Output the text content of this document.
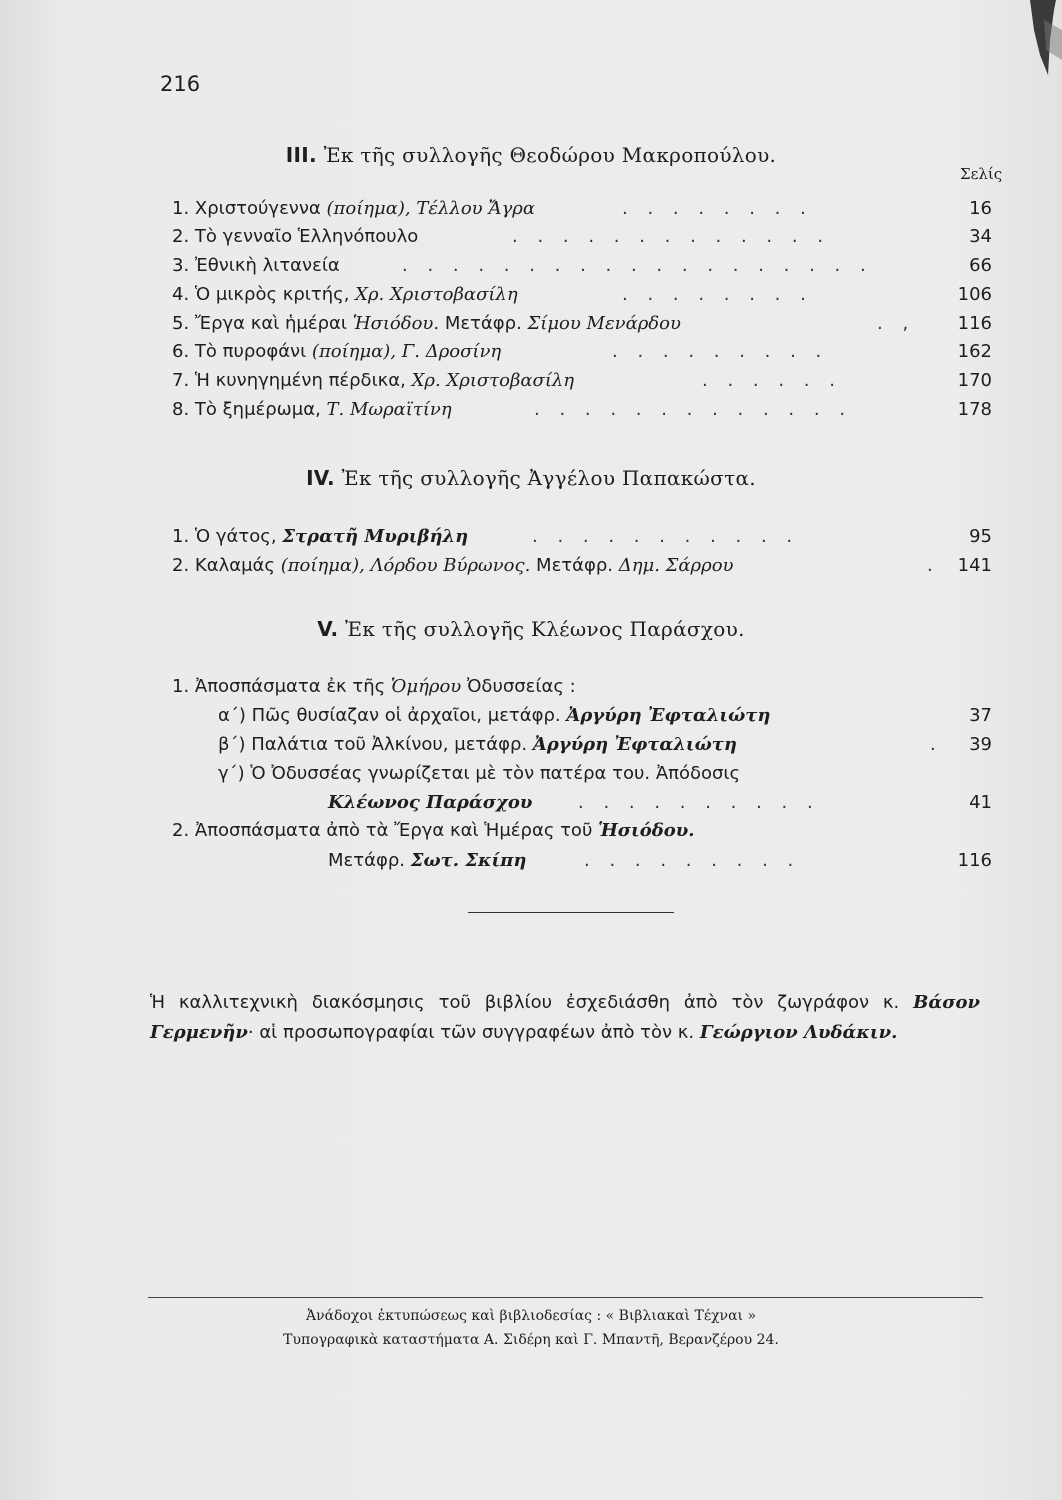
216
III. Ἐκ τῆς συλλογῆς Θεοδώρου Μακροπούλου.
Σελίς
1. Χριστούγεννα (ποίημα), Τέλλου Ἄγρα	. . . . . . . .	16
2. Τὸ γενναῖο Ἑλληνόπουλο	. . . . . . . . . . . . .	34
3. Ἐθνικὴ λιτανεία	. . . . . . . . . . . . . . . . . . .	66
4. Ὁ μικρὸς κριτής, Χρ. Χριστοβασίλη	. . . . . . . .	106
5. Ἔργα καὶ ἡμέραι Ἡσιόδου. Μετάφρ. Σίμου Μενάρδου	. , 116
6. Τὸ πυροφάνι (ποίημα), Γ. Δροσίνη	. . . . . . . . .	162
7. Ἡ κυνηγημένη πέρδικα, Χρ. Χριστοβασίλη	. . . . . .	170
8. Τὸ ξημέρωμα, Τ. Μωραϊτίνη	. . . . . . . . . . . . .	178
IV. Ἐκ τῆς συλλογῆς Ἀγγέλου Παπακώστα.
1. Ὁ γάτος, Στρατῆ Μυριβήλη	. . . . . . . . . . .	95
2. Καλαμάς (ποίημα), Λόρδου Βύρωνος. Μετάφρ. Δημ. Σάρρου	. 141
V. Ἐκ τῆς συλλογῆς Κλέωνος Παράσχου.
1. Ἀποσπάσματα ἐκ τῆς Ὁμήρου Ὀδυσσείας :
α΄) Πῶς θυσίαζαν οἱ ἀρχαῖοι, μετάφρ. Ἀργύρη Ἐφταλιώτη	37
β΄) Παλάτια τοῦ Ἀλκίνου, μετάφρ. Ἀργύρη Ἐφταλιώτη	. 39
γ΄) Ὁ Ὀδυσσέας γνωρίζεται μὲ τὸν πατέρα του. Ἀπόδοσις
Κλέωνος Παράσχου	. . . . . . . . . .	41
2. Ἀποσπάσματα ἀπὸ τὰ Ἔργα καὶ Ἡμέρας τοῦ Ἡσιόδου.
Μετάφρ. Σωτ. Σκίπη	. . . . . . . . .	116
Ἡ καλλιτεχνικὴ διακόσμησις τοῦ βιβλίου ἐσχεδιάσθη ἀπὸ τὸν ζωγράφον κ. Βάσον Γερμενῆν· αἱ προσωπογραφίαι τῶν συγγραφέων ἀπὸ τὸν κ. Γεώργιον Λυδάκιν.
Ἀνάδοχοι ἐκτυπώσεως καὶ βιβλιοδεσίας : « Βιβλιακαὶ Τέχναι »
Τυπογραφικὰ καταστήματα Α. Σιδέρη καὶ Γ. Μπαντῆ, Βερανζέρου 24.
